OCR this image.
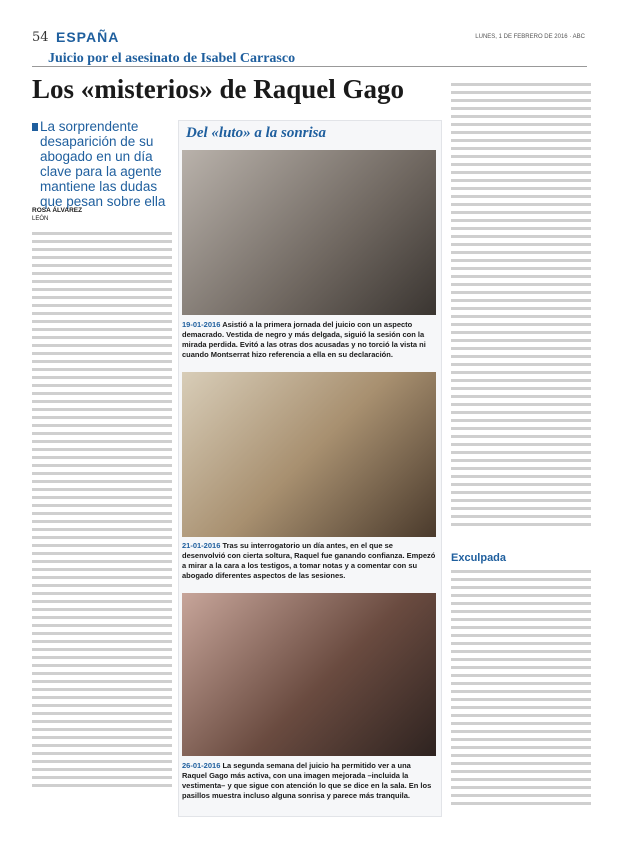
54 ESPAÑA
Juicio por el asesinato de Isabel Carrasco
LUNES, 1 DE FEBRERO DE 2016 · ABC
Los «misterios» de Raquel Gago
La sorprendente desaparición de su abogado en un día clave para la agente mantiene las dudas que pesan sobre ella
ROSA ÁLVAREZ
LEÓN
Exculpada
Del «luto» a la sonrisa
19-01-2016 Asistió a la primera jornada del juicio con un aspecto demacrado. Vestida de negro y más delgada, siguió la sesión con la mirada perdida. Evitó a las otras dos acusadas y no torció la vista ni cuando Montserrat hizo referencia a ella en su declaración.
21-01-2016 Tras su interrogatorio un día antes, en el que se desenvolvió con cierta soltura, Raquel fue ganando confianza. Empezó a mirar a la cara a los testigos, a tomar notas y a comentar con su abogado diferentes aspectos de las sesiones.
26-01-2016 La segunda semana del juicio ha permitido ver a una Raquel Gago más activa, con una imagen mejorada –incluida la vestimenta– y que sigue con atención lo que se dice en la sala. En los pasillos muestra incluso alguna sonrisa y parece más tranquila.
